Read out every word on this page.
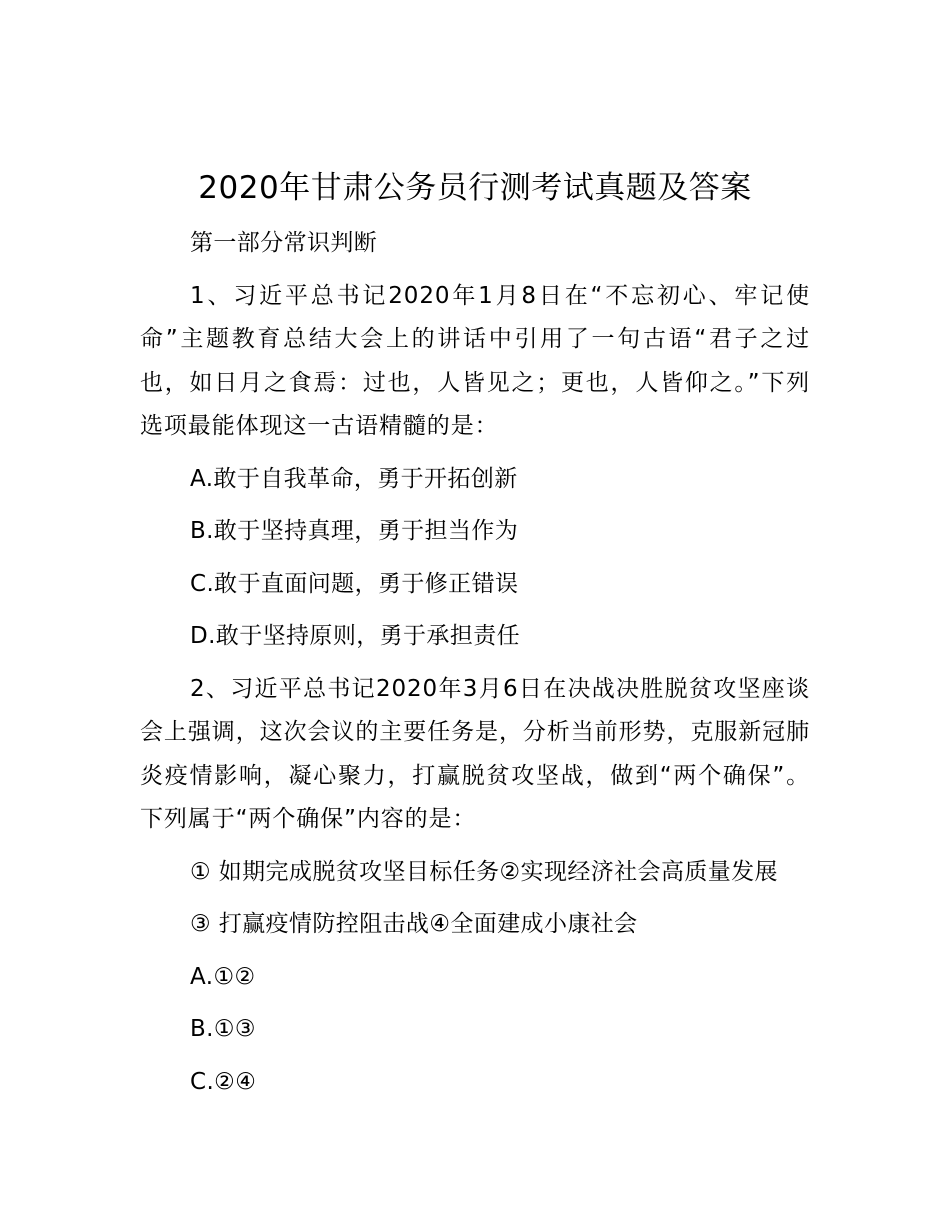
2020年甘肃公务员行测考试真题及答案

第一部分常识判断

1、习近平总书记2020年1月8日在“不忘初心、牢记使命”主题教育总结大会上的讲话中引用了一句古语“君子之过也，如日月之食焉：过也，人皆见之；更也，人皆仰之。”下列选项最能体现这一古语精髓的是：

A.敢于自我革命，勇于开拓创新

B.敢于坚持真理，勇于担当作为

C.敢于直面问题，勇于修正错误

D.敢于坚持原则，勇于承担责任

2、习近平总书记2020年3月6日在决战决胜脱贫攻坚座谈会上强调，这次会议的主要任务是，分析当前形势，克服新冠肺炎疫情影响，凝心聚力，打赢脱贫攻坚战，做到“两个确保”。下列属于“两个确保”内容的是：

① 如期完成脱贫攻坚目标任务②实现经济社会高质量发展

③ 打赢疫情防控阻击战④全面建成小康社会

A.①②

B.①③

C.②④
